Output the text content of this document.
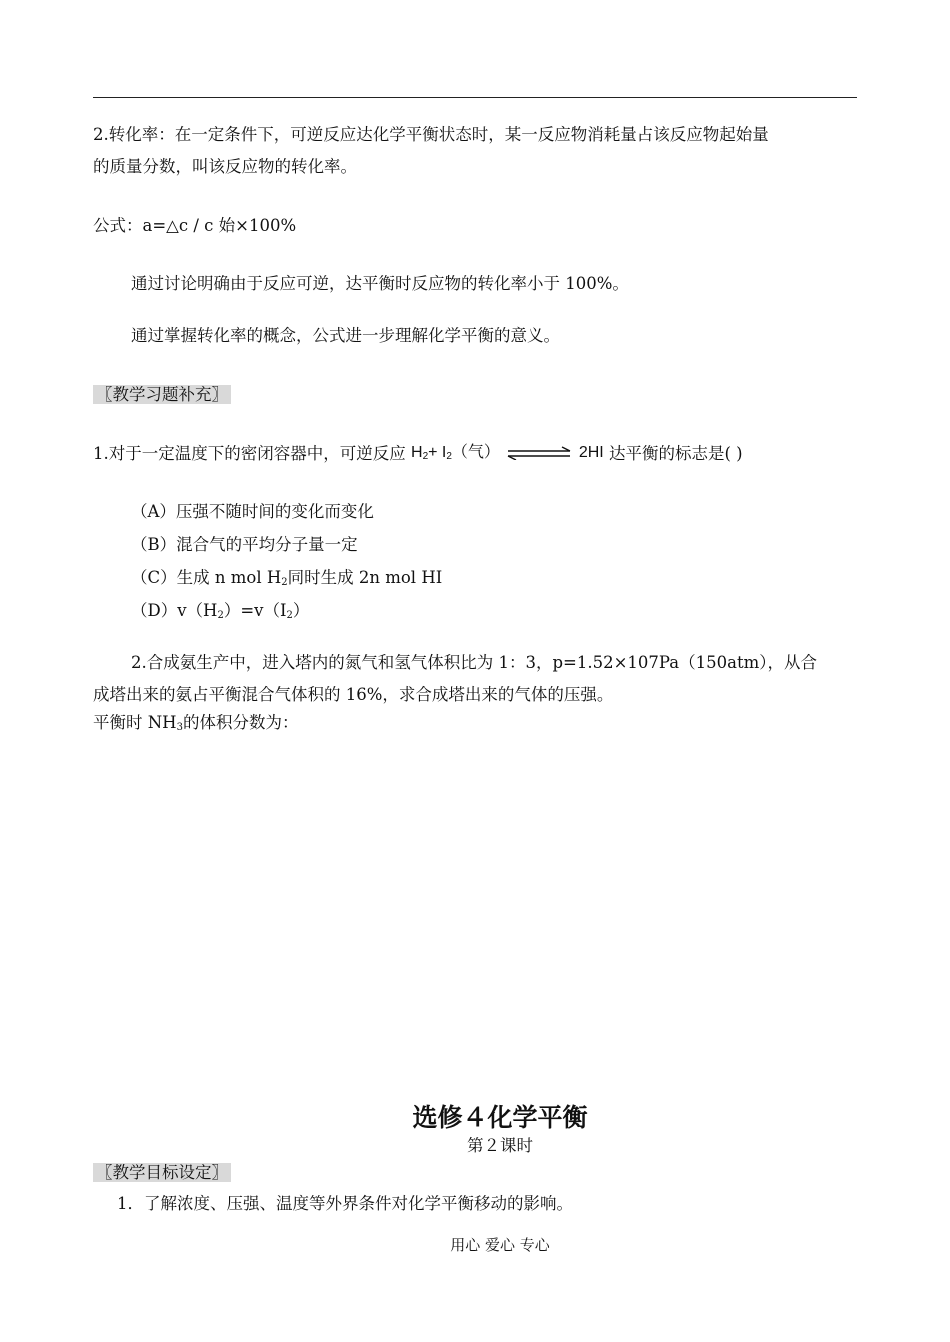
2.转化率：在一定条件下，可逆反应达化学平衡状态时，某一反应物消耗量占该反应物起始量
的质量分数，叫该反应物的转化率。
公式：a=△c / c 始×100%
通过讨论明确由于反应可逆，达平衡时反应物的转化率小于 100%。
通过掌握转化率的概念，公式进一步理解化学平衡的意义。
〖教学习题补充〗
1.对于一定温度下的密闭容器中，可逆反应 $H_2+ I_2$（气）	2HI 达平衡的标志是( )
（A）压强不随时间的变化而变化
（B）混合气的平均分子量一定
（C）生成 n mol $H_2$同时生成 2n mol HI
$(D)v(H_2)=v(I_2)$
2.合成氨生产中，进入塔内的氮气和氢气体积比为 1：3，p=1.52×107Pa（150atm），从合
成塔出来的氨占平衡混合气体积的 16%，求合成塔出来的气体的压强。
平衡时 $NH_3$的体积分数为：
选修４化学平衡
第２课时
〖教学目标设定〗
1．了解浓度、压强、温度等外界条件对化学平衡移动的影响。
用心 爱心 专心
